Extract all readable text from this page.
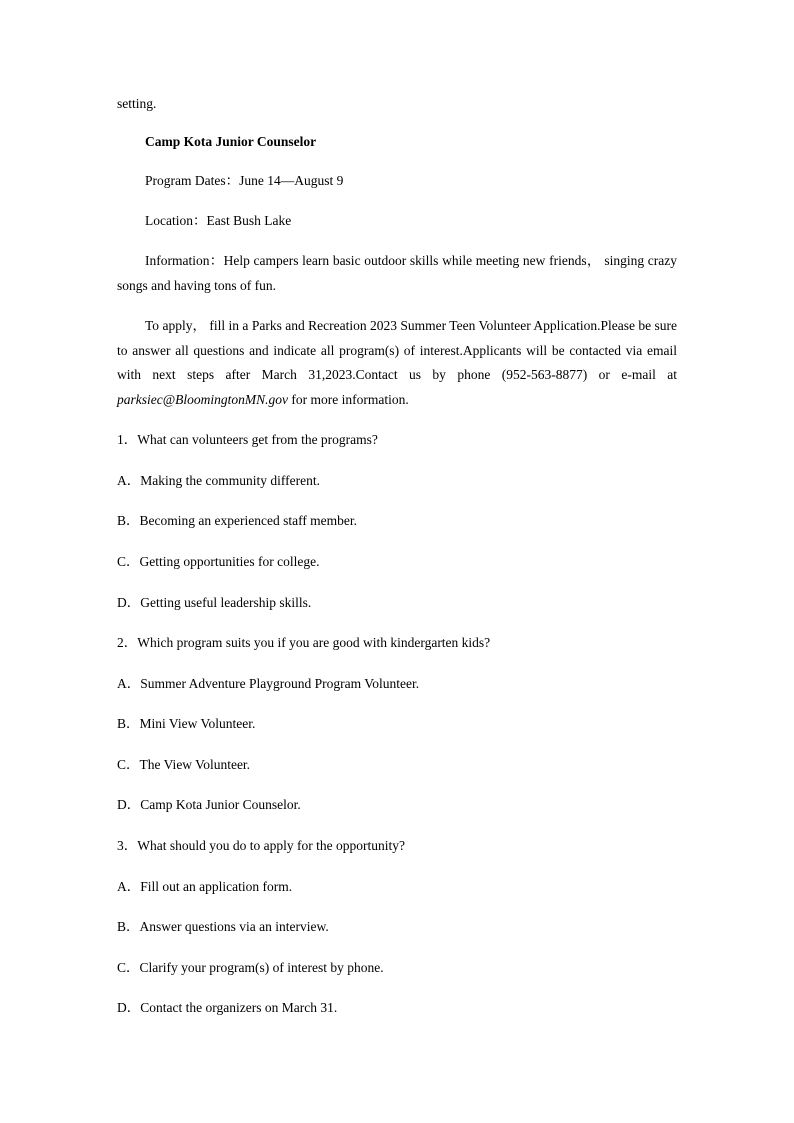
setting.
Camp Kota Junior Counselor
Program Dates：June 14—August 9
Location：East Bush Lake
Information：Help campers learn basic outdoor skills while meeting new friends， singing crazy songs and having tons of fun.
To apply， fill in a Parks and Recreation 2023 Summer Teen Volunteer Application.Please be sure to answer all questions and indicate all program(s) of interest.Applicants will be contacted via email with next steps after March 31,2023.Contact us by phone (952-563-8877) or e-mail at parksiec@BloomingtonMN.gov for more information.
1．What can volunteers get from the programs?
A．Making the community different.
B．Becoming an experienced staff member.
C．Getting opportunities for college.
D．Getting useful leadership skills.
2．Which program suits you if you are good with kindergarten kids?
A．Summer Adventure Playground Program Volunteer.
B．Mini View Volunteer.
C．The View Volunteer.
D．Camp Kota Junior Counselor.
3．What should you do to apply for the opportunity?
A．Fill out an application form.
B．Answer questions via an interview.
C．Clarify your program(s) of interest by phone.
D．Contact the organizers on March 31.
